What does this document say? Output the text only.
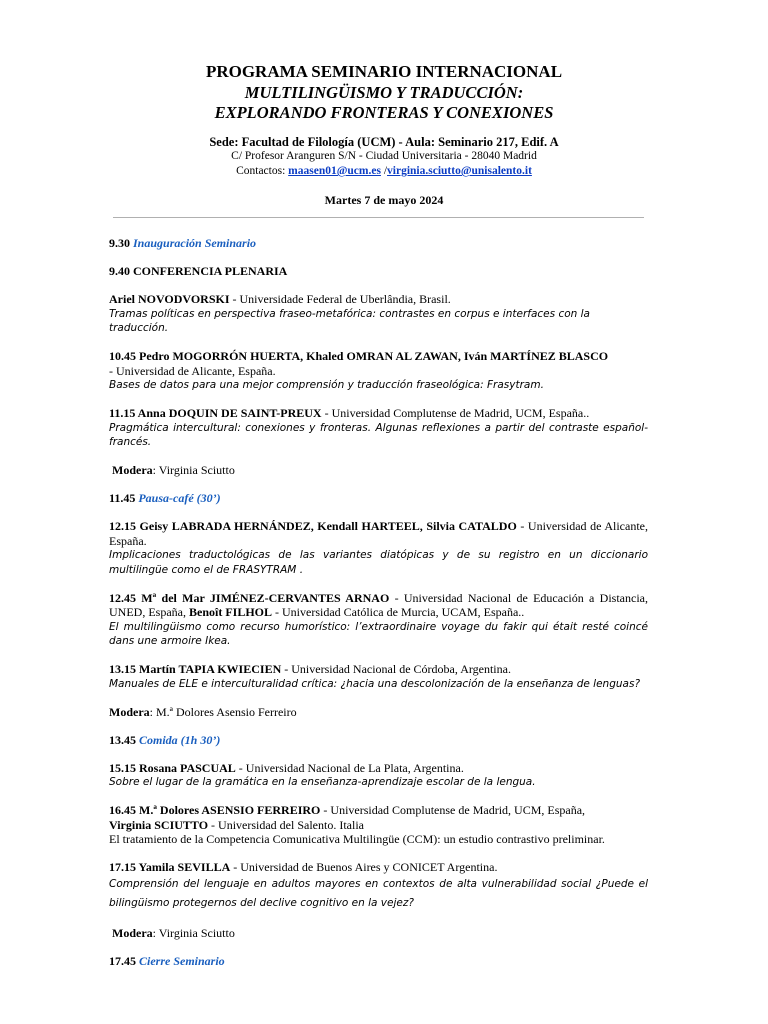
PROGRAMA SEMINARIO INTERNACIONAL

MULTILINGÜISMO Y TRADUCCIÓN:

EXPLORANDO FRONTERAS Y CONEXIONES

Sede: Facultad de Filología (UCM) - Aula: Seminario 217, Edif. A

C/ Profesor Aranguren S/N - Ciudad Universitaria - 28040 Madrid

Contactos: maasen01@ucm.es /virginia.sciutto@unisalento.it

Martes 7 de mayo 2024

9.30 Inauguración Seminario

9.40 CONFERENCIA PLENARIA

Ariel NOVODVORSKI - Universidade Federal de Uberlândia, Brasil.

Tramas políticas en perspectiva fraseo-metafórica: contrastes en corpus e interfaces con la traducción.

10.45 Pedro MOGORRÓN HUERTA, Khaled OMRAN AL ZAWAN, Iván MARTÍNEZ BLASCO

- Universidad de Alicante, España.

Bases de datos para una mejor comprensión y traducción fraseológica: Frasytram.

11.15 Anna DOQUIN DE SAINT-PREUX - Universidad Complutense de Madrid, UCM, España..

Pragmática intercultural: conexiones y fronteras. Algunas reflexiones a partir del contraste español-francés.

Modera: Virginia Sciutto

11.45 Pausa-café (30’)

12.15 Geisy LABRADA HERNÁNDEZ, Kendall HARTEEL, Silvia CATALDO - Universidad de Alicante, España.

Implicaciones traductológicas de las variantes diatópicas y de su registro en un diccionario multilingüe como el de FRASYTRAM .

12.45 Mª del Mar JIMÉNEZ-CERVANTES ARNAO - Universidad Nacional de Educación a Distancia, UNED, España, Benoît FILHOL - Universidad Católica de Murcia, UCAM, España..

El multilingüismo como recurso humorístico: l’extraordinaire voyage du fakir qui était resté coincé dans une armoire Ikea.

13.15 Martín TAPIA KWIECIEN - Universidad Nacional de Córdoba, Argentina.

Manuales de ELE e interculturalidad crítica: ¿hacia una descolonización de la enseñanza de lenguas?

Modera: M.ª Dolores Asensio Ferreiro

13.45 Comida (1h 30’)

15.15 Rosana PASCUAL - Universidad Nacional de La Plata, Argentina.

Sobre el lugar de la gramática en la enseñanza-aprendizaje escolar de la lengua.

16.45 M.ª Dolores ASENSIO FERREIRO - Universidad Complutense de Madrid, UCM, España,

Virginia SCIUTTO - Universidad del Salento. Italia

El tratamiento de la Competencia Comunicativa Multilingüe (CCM): un estudio contrastivo preliminar.

17.15 Yamila SEVILLA - Universidad de Buenos Aires y CONICET Argentina.

Comprensión del lenguaje en adultos mayores en contextos de alta vulnerabilidad social ¿Puede el bilingüismo protegernos del declive cognitivo en la vejez?

Modera: Virginia Sciutto

17.45 Cierre Seminario
